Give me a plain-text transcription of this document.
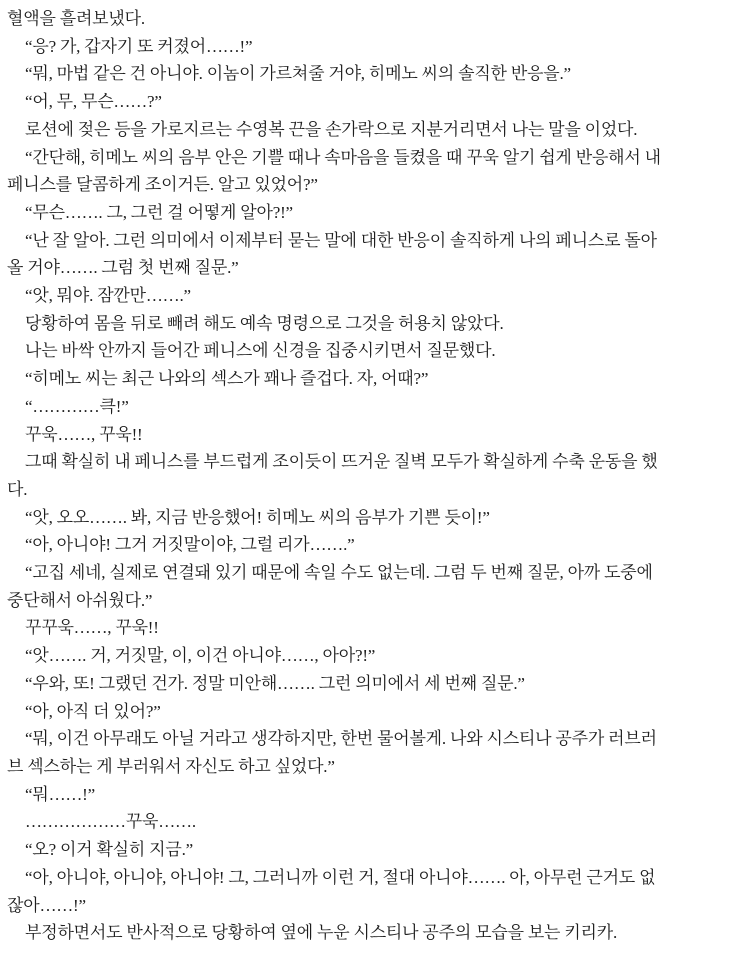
혈액을 흘려보냈다.

“응? 가, 갑자기 또 커졌어……!”

“뭐, 마법 같은 건 아니야. 이놈이 가르쳐줄 거야, 히메노 씨의 솔직한 반응을.”

“어, 무, 무슨……?”

로션에 젖은 등을 가로지르는 수영복 끈을 손가락으로 지분거리면서 나는 말을 이었다.

“간단해, 히메노 씨의 음부 안은 기쁠 때나 속마음을 들켰을 때 꾸욱 알기 쉽게 반응해서 내

페니스를 달콤하게 조이거든. 알고 있었어?”

“무슨……. 그, 그런 걸 어떻게 알아?!”

“난 잘 알아. 그런 의미에서 이제부터 묻는 말에 대한 반응이 솔직하게 나의 페니스로 돌아

올 거야……. 그럼 첫 번째 질문.”

“앗, 뭐야. 잠깐만…….”

당황하여 몸을 뒤로 빼려 해도 예속 명령으로 그것을 허용치 않았다.

나는 바싹 안까지 들어간 페니스에 신경을 집중시키면서 질문했다.

“히메노 씨는 최근 나와의 섹스가 꽤나 즐겁다. 자, 어때?”

“…………큭!”

꾸욱……, 꾸욱!!

그때 확실히 내 페니스를 부드럽게 조이듯이 뜨거운 질벽 모두가 확실하게 수축 운동을 했

다.

“앗, 오오……. 봐, 지금 반응했어! 히메노 씨의 음부가 기쁜 듯이!”

“아, 아니야! 그거 거짓말이야, 그럴 리가…….”

“고집 세네, 실제로 연결돼 있기 때문에 속일 수도 없는데. 그럼 두 번째 질문, 아까 도중에

중단해서 아쉬웠다.”

꾸꾸욱……, 꾸욱!!

“앗……. 거, 거짓말, 이, 이건 아니야……, 아아?!”

“우와, 또! 그랬던 건가. 정말 미안해……. 그런 의미에서 세 번째 질문.”

“아, 아직 더 있어?”

“뭐, 이건 아무래도 아닐 거라고 생각하지만, 한번 물어볼게. 나와 시스티나 공주가 러브러

브 섹스하는 게 부러워서 자신도 하고 싶었다.”

“뭐……!”

………………꾸욱…….

“오? 이거 확실히 지금.”

“아, 아니야, 아니야, 아니야! 그, 그러니까 이런 거, 절대 아니야……. 아, 아무런 근거도 없

잖아……!”

부정하면서도 반사적으로 당황하여 옆에 누운 시스티나 공주의 모습을 보는 키리카.
